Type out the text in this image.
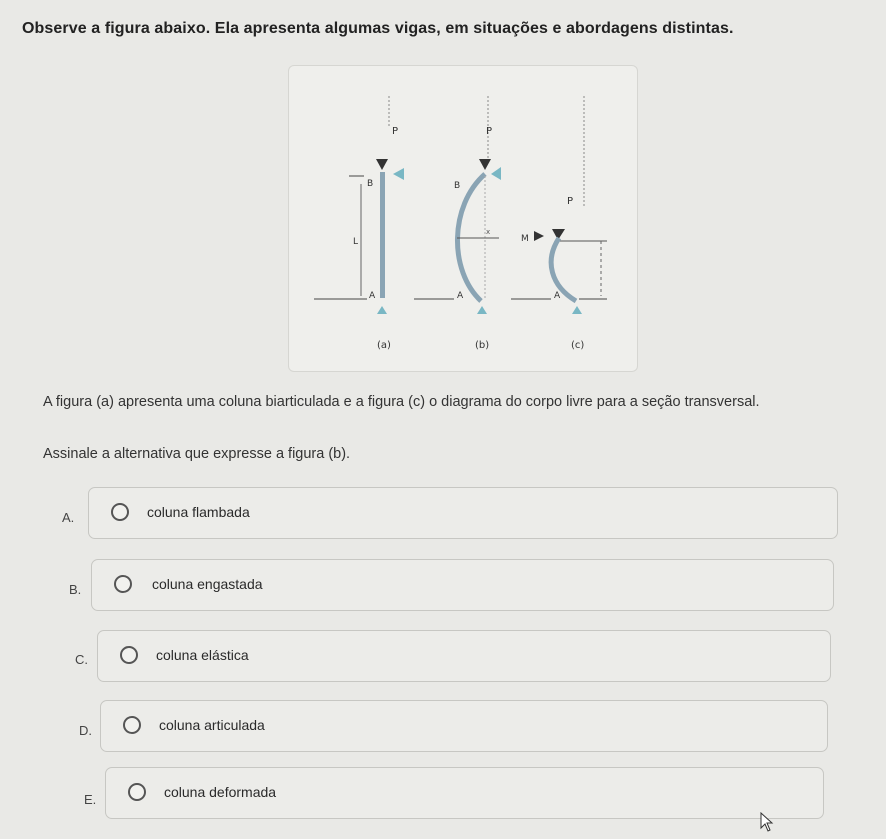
Observe a figura abaixo. Ela apresenta algumas vigas, em situações e abordagens distintas.
P
B
L
A
(a)
P
B
x
A
(b)
P
M
A
(c)
A figura (a) apresenta uma coluna biarticulada e a figura (c) o diagrama do corpo livre para a seção transversal.
Assinale a alternativa que expresse a figura (b).
A.	coluna flambada
B.	coluna engastada
C.	coluna elástica
D.	coluna articulada
E.	coluna deformada
